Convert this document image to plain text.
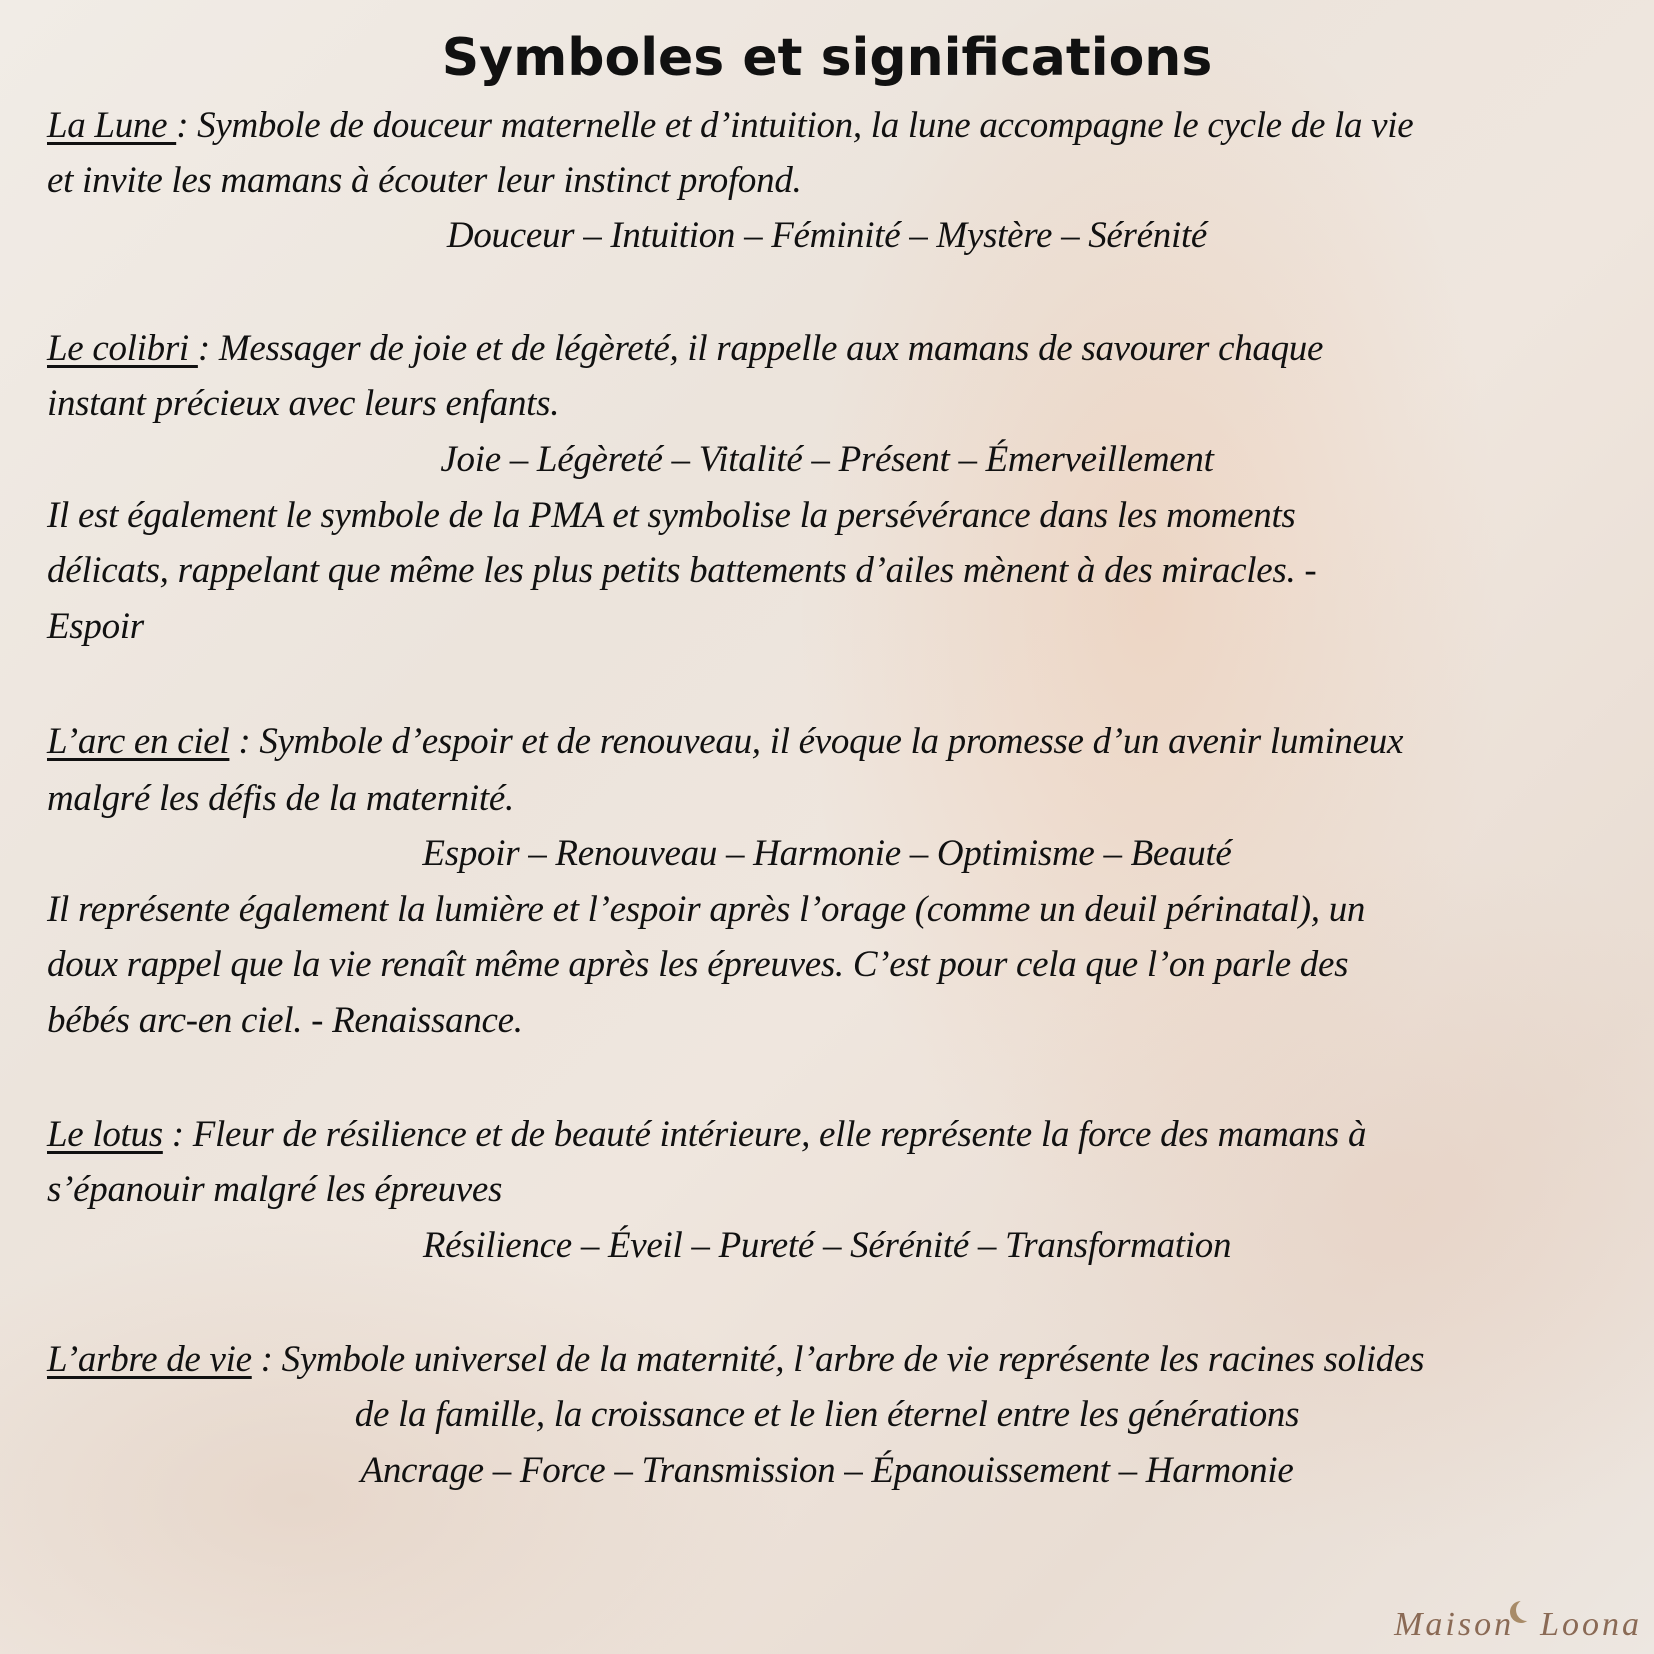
Symboles et significations
La Lune : Symbole de douceur maternelle et d’intuition, la lune accompagne le cycle de la vie
et invite les mamans à écouter leur instinct profond.
Douceur – Intuition – Féminité – Mystère – Sérénité
Le colibri : Messager de joie et de légèreté, il rappelle aux mamans de savourer chaque
instant précieux avec leurs enfants.
Joie – Légèreté – Vitalité – Présent – Émerveillement
Il est également le symbole de la PMA et symbolise la persévérance dans les moments
délicats, rappelant que même les plus petits battements d’ailes mènent à des miracles. -
Espoir
L’arc en ciel : Symbole d’espoir et de renouveau, il évoque la promesse d’un avenir lumineux
malgré les défis de la maternité.
Espoir – Renouveau – Harmonie – Optimisme – Beauté
Il représente également la lumière et l’espoir après l’orage (comme un deuil périnatal), un
doux rappel que la vie renaît même après les épreuves. C’est pour cela que l’on parle des
bébés arc-en ciel. - Renaissance.
Le lotus : Fleur de résilience et de beauté intérieure, elle représente la force des mamans à
s’épanouir malgré les épreuves
Résilience – Éveil – Pureté – Sérénité – Transformation
L’arbre de vie : Symbole universel de la maternité, l’arbre de vie représente les racines solides
de la famille, la croissance et le lien éternel entre les générations
Ancrage – Force – Transmission – Épanouissement – Harmonie
Maison Loona
